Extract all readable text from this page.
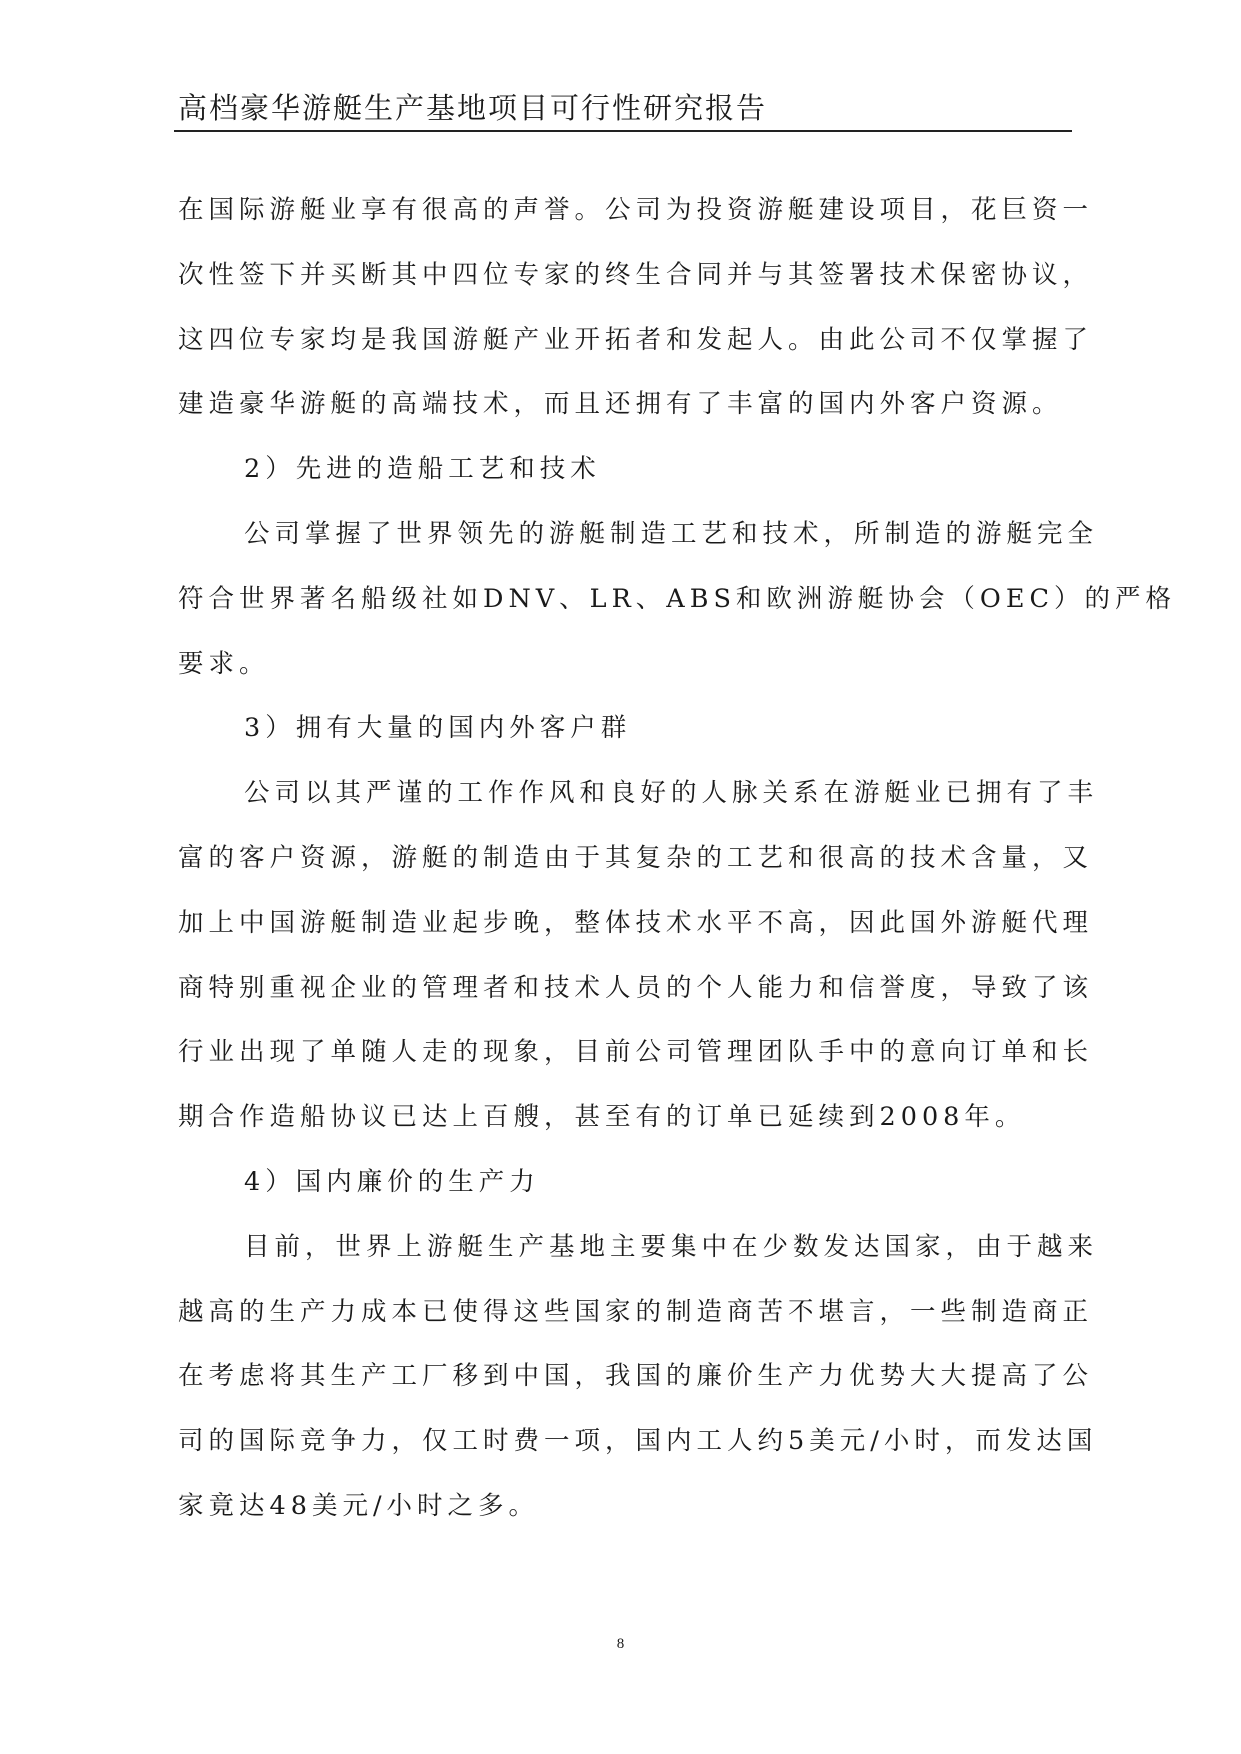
高档豪华游艇生产基地项目可行性研究报告
在国际游艇业享有很高的声誉。公司为投资游艇建设项目，花巨资一
次性签下并买断其中四位专家的终生合同并与其签署技术保密协议，
这四位专家均是我国游艇产业开拓者和发起人。由此公司不仅掌握了
建造豪华游艇的高端技术，而且还拥有了丰富的国内外客户资源。
2）先进的造船工艺和技术
公司掌握了世界领先的游艇制造工艺和技术，所制造的游艇完全
符合世界著名船级社如DNV、LR、ABS和欧洲游艇协会（OEC）的严格
要求。
3）拥有大量的国内外客户群
公司以其严谨的工作作风和良好的人脉关系在游艇业已拥有了丰
富的客户资源，游艇的制造由于其复杂的工艺和很高的技术含量，又
加上中国游艇制造业起步晚，整体技术水平不高，因此国外游艇代理
商特别重视企业的管理者和技术人员的个人能力和信誉度，导致了该
行业出现了单随人走的现象，目前公司管理团队手中的意向订单和长
期合作造船协议已达上百艘，甚至有的订单已延续到2008年。
4）国内廉价的生产力
目前，世界上游艇生产基地主要集中在少数发达国家，由于越来
越高的生产力成本已使得这些国家的制造商苦不堪言，一些制造商正
在考虑将其生产工厂移到中国，我国的廉价生产力优势大大提高了公
司的国际竞争力，仅工时费一项，国内工人约5美元/小时，而发达国
家竟达48美元/小时之多。
8
